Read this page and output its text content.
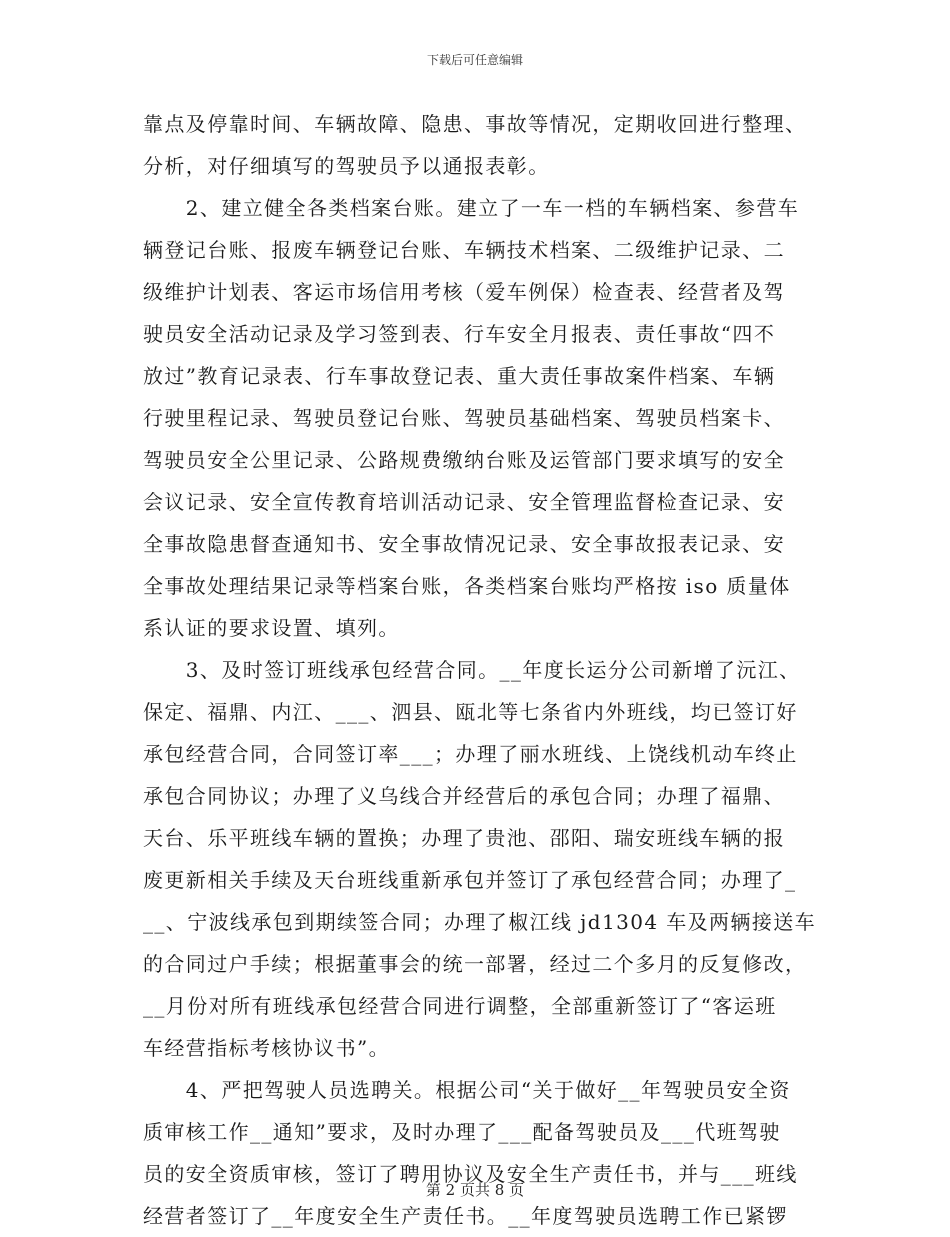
下载后可任意编辑
靠点及停靠时间、车辆故障、隐患、事故等情况，定期收回进行整理、
分析，对仔细填写的驾驶员予以通报表彰。
　　2、建立健全各类档案台账。建立了一车一档的车辆档案、参营车
辆登记台账、报废车辆登记台账、车辆技术档案、二级维护记录、二
级维护计划表、客运市场信用考核（爱车例保）检查表、经营者及驾
驶员安全活动记录及学习签到表、行车安全月报表、责任事故“四不
放过”教育记录表、行车事故登记表、重大责任事故案件档案、车辆
行驶里程记录、驾驶员登记台账、驾驶员基础档案、驾驶员档案卡、
驾驶员安全公里记录、公路规费缴纳台账及运管部门要求填写的安全
会议记录、安全宣传教育培训活动记录、安全管理监督检查记录、安
全事故隐患督查通知书、安全事故情况记录、安全事故报表记录、安
全事故处理结果记录等档案台账，各类档案台账均严格按 iso 质量体
系认证的要求设置、填列。
　　3、及时签订班线承包经营合同。__年度长运分公司新增了沅江、
保定、福鼎、内江、___、泗县、瓯北等七条省内外班线，均已签订好
承包经营合同，合同签订率___；办理了丽水班线、上饶线机动车终止
承包合同协议；办理了义乌线合并经营后的承包合同；办理了福鼎、
天台、乐平班线车辆的置换；办理了贵池、邵阳、瑞安班线车辆的报
废更新相关手续及天台班线重新承包并签订了承包经营合同；办理了_
__、宁波线承包到期续签合同；办理了椒江线 jd1304 车及两辆接送车
的合同过户手续；根据董事会的统一部署，经过二个多月的反复修改，
__月份对所有班线承包经营合同进行调整，全部重新签订了“客运班
车经营指标考核协议书”。
　　4、严把驾驶人员选聘关。根据公司“关于做好__年驾驶员安全资
质审核工作__通知”要求，及时办理了___配备驾驶员及___代班驾驶
员的安全资质审核，签订了聘用协议及安全生产责任书，并与___班线
经营者签订了__年度安全生产责任书。__年度驾驶员选聘工作已紧锣
第 2 页共 8 页
